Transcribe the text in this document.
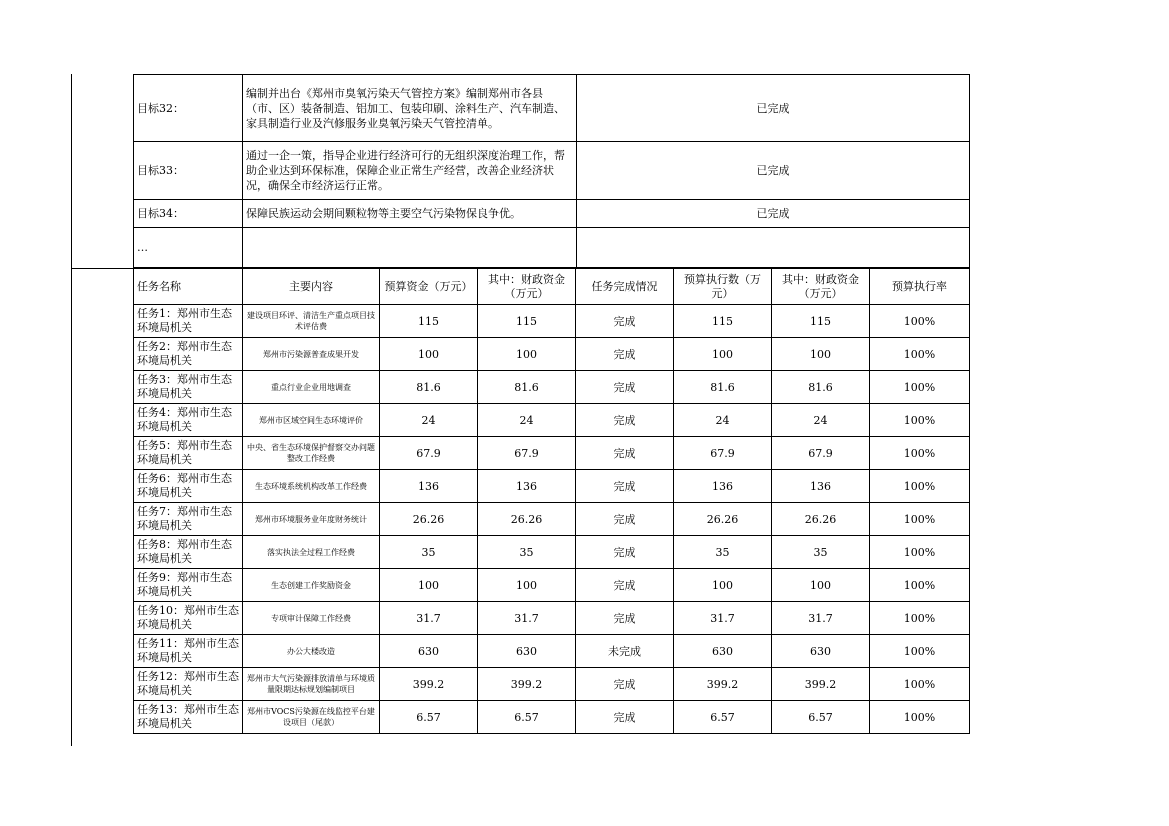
目标32：	编制并出台《郑州市臭氧污染天气管控方案》编制郑州市各县（市、区）装备制造、铝加工、包装印刷、涂料生产、汽车制造、家具制造行业及汽修服务业臭氧污染天气管控清单。	已完成
目标33：	通过一企一策，指导企业进行经济可行的无组织深度治理工作，帮助企业达到环保标准，保障企业正常生产经营，改善企业经济状况，确保全市经济运行正常。	已完成
目标34：	保障民族运动会期间颗粒物等主要空气污染物保良争优。	已完成
…		
任务名称	主要内容	预算资金（万元）	其中：财政资金（万元）	任务完成情况	预算执行数（万元）	其中：财政资金（万元）	预算执行率
任务1：郑州市生态环境局机关	建设项目环评、清洁生产重点项目技术评估费	115	115	完成	115	115	100%
任务2：郑州市生态环境局机关	郑州市污染源普查成果开发	100	100	完成	100	100	100%
任务3：郑州市生态环境局机关	重点行业企业用地调查	81.6	81.6	完成	81.6	81.6	100%
任务4：郑州市生态环境局机关	郑州市区域空间生态环境评价	24	24	完成	24	24	100%
任务5：郑州市生态环境局机关	中央、省生态环境保护督察交办问题整改工作经费	67.9	67.9	完成	67.9	67.9	100%
任务6：郑州市生态环境局机关	生态环境系统机构改革工作经费	136	136	完成	136	136	100%
任务7：郑州市生态环境局机关	郑州市环境服务业年度财务统计	26.26	26.26	完成	26.26	26.26	100%
任务8：郑州市生态环境局机关	落实执法全过程工作经费	35	35	完成	35	35	100%
任务9：郑州市生态环境局机关	生态创建工作奖励资金	100	100	完成	100	100	100%
任务10：郑州市生态环境局机关	专项审计保障工作经费	31.7	31.7	完成	31.7	31.7	100%
任务11：郑州市生态环境局机关	办公大楼改造	630	630	未完成	630	630	100%
任务12：郑州市生态环境局机关	郑州市大气污染源排放清单与环境质量限期达标规划编制项目	399.2	399.2	完成	399.2	399.2	100%
任务13：郑州市生态环境局机关	郑州市VOCS污染源在线监控平台建设项目（尾款）	6.57	6.57	完成	6.57	6.57	100%
